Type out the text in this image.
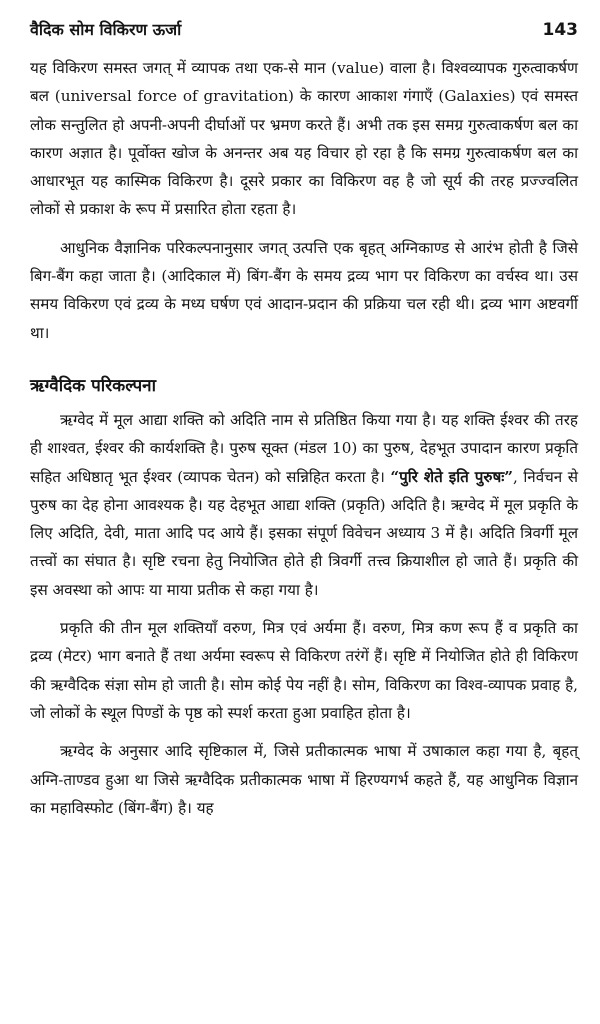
वैदिक सोम विकिरण ऊर्जा	143

यह विकिरण समस्त जगत् में व्यापक तथा एक-से मान (value) वाला है। विश्वव्यापक गुरुत्वाकर्षण बल (universal force of gravitation) के कारण आकाश गंगाएँ (Galaxies) एवं समस्त लोक सन्तुलित हो अपनी-अपनी दीर्घाओं पर भ्रमण करते हैं। अभी तक इस समग्र गुरुत्वाकर्षण बल का कारण अज्ञात है। पूर्वोक्त खोज के अनन्तर अब यह विचार हो रहा है कि समग्र गुरुत्वाकर्षण बल का आधारभूत यह कास्मिक विकिरण है। दूसरे प्रकार का विकिरण वह है जो सूर्य की तरह प्रज्ज्वलित लोकों से प्रकाश के रूप में प्रसारित होता रहता है।

आधुनिक वैज्ञानिक परिकल्पनानुसार जगत् उत्पत्ति एक बृहत् अग्निकाण्ड से आरंभ होती है जिसे बिग-बैंग कहा जाता है। (आदिकाल में) बिंग-बैंग के समय द्रव्य भाग पर विकिरण का वर्चस्व था। उस समय विकिरण एवं द्रव्य के मध्य घर्षण एवं आदान-प्रदान की प्रक्रिया चल रही थी। द्रव्य भाग अष्टवर्गी था।

ऋग्वैदिक परिकल्पना

ऋग्वेद में मूल आद्या शक्ति को अदिति नाम से प्रतिष्ठित किया गया है। यह शक्ति ईश्वर की तरह ही शाश्वत, ईश्वर की कार्यशक्ति है। पुरुष सूक्त (मंडल 10) का पुरुष, देहभूत उपादान कारण प्रकृति सहित अधिष्ठातृ भूत ईश्वर (व्यापक चेतन) को सन्निहित करता है। “पुरि शेते इति पुरुषः”, निर्वचन से पुरुष का देह होना आवश्यक है। यह देहभूत आद्या शक्ति (प्रकृति) अदिति है। ऋग्वेद में मूल प्रकृति के लिए अदिति, देवी, माता आदि पद आये हैं। इसका संपूर्ण विवेचन अध्याय 3 में है। अदिति त्रिवर्गी मूल तत्त्वों का संघात है। सृष्टि रचना हेतु नियोजित होते ही त्रिवर्गी तत्त्व क्रियाशील हो जाते हैं। प्रकृति की इस अवस्था को आपः या माया प्रतीक से कहा गया है।

प्रकृति की तीन मूल शक्तियाँ वरुण, मित्र एवं अर्यमा हैं। वरुण, मित्र कण रूप हैं व प्रकृति का द्रव्य (मेटर) भाग बनाते हैं तथा अर्यमा स्वरूप से विकिरण तरंगें हैं। सृष्टि में नियोजित होते ही विकिरण की ऋग्वैदिक संज्ञा सोम हो जाती है। सोम कोई पेय नहीं है। सोम, विकिरण का विश्व-व्यापक प्रवाह है, जो लोकों के स्थूल पिण्डों के पृष्ठ को स्पर्श करता हुआ प्रवाहित होता है।

ऋग्वेद के अनुसार आदि सृष्टिकाल में, जिसे प्रतीकात्मक भाषा में उषाकाल कहा गया है, बृहत् अग्नि-ताण्डव हुआ था जिसे ऋग्वैदिक प्रतीकात्मक भाषा में हिरण्यगर्भ कहते हैं, यह आधुनिक विज्ञान का महाविस्फोट (बिंग-बैंग) है। यह
